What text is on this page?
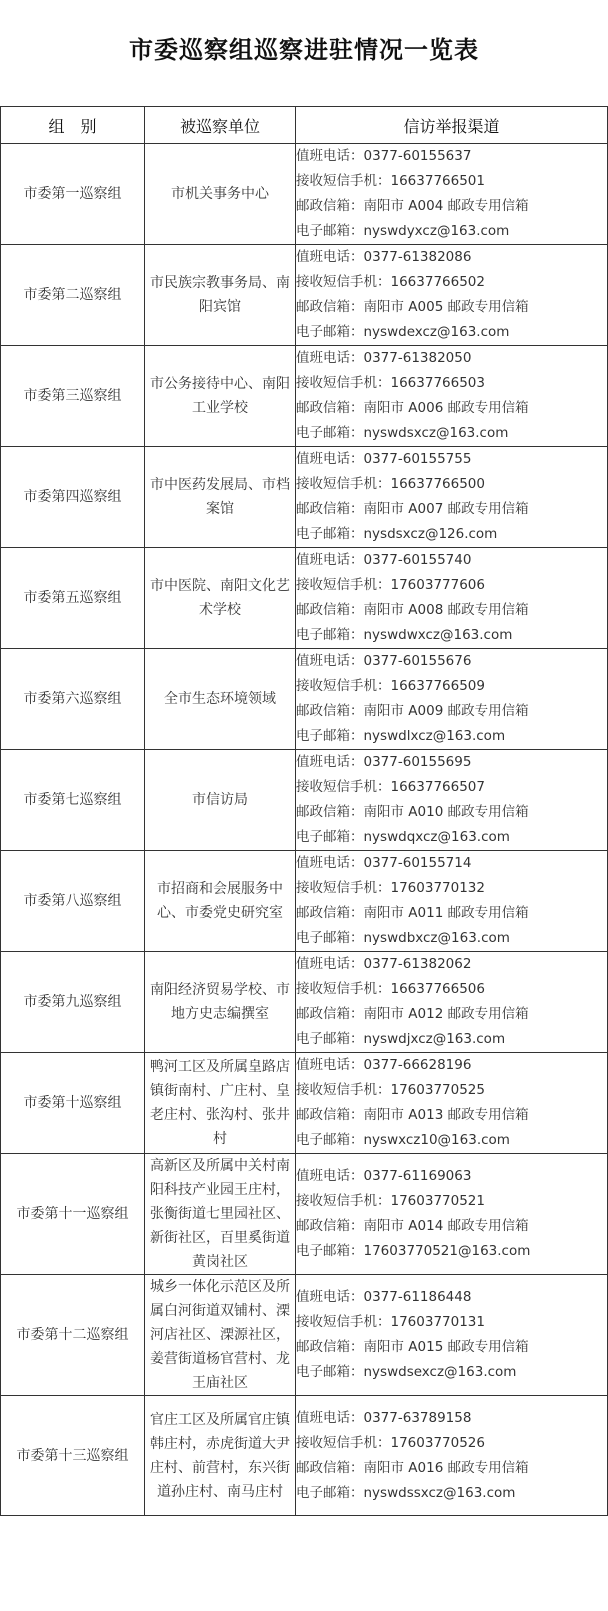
市委巡察组巡察进驻情况一览表
组　别	被巡察单位	信访举报渠道
市委第一巡察组	市机关事务中心	值班电话：0377-60155637
接收短信手机：16637766501
邮政信箱：南阳市 A004 邮政专用信箱
电子邮箱：nyswdyxcz@163.com

市委第二巡察组	市民族宗教事务局、南阳宾馆	值班电话：0377-61382086
接收短信手机：16637766502
邮政信箱：南阳市 A005 邮政专用信箱
电子邮箱：nyswdexcz@163.com

市委第三巡察组	市公务接待中心、南阳工业学校	值班电话：0377-61382050
接收短信手机：16637766503
邮政信箱：南阳市 A006 邮政专用信箱
电子邮箱：nyswdsxcz@163.com

市委第四巡察组	市中医药发展局、市档案馆	值班电话：0377-60155755
接收短信手机：16637766500
邮政信箱：南阳市 A007 邮政专用信箱
电子邮箱：nysdsxcz@126.com

市委第五巡察组	市中医院、南阳文化艺术学校	值班电话：0377-60155740
接收短信手机：17603777606
邮政信箱：南阳市 A008 邮政专用信箱
电子邮箱：nyswdwxcz@163.com

市委第六巡察组	全市生态环境领域	值班电话：0377-60155676
接收短信手机：16637766509
邮政信箱：南阳市 A009 邮政专用信箱
电子邮箱：nyswdlxcz@163.com

市委第七巡察组	市信访局	值班电话：0377-60155695
接收短信手机：16637766507
邮政信箱：南阳市 A010 邮政专用信箱
电子邮箱：nyswdqxcz@163.com

市委第八巡察组	市招商和会展服务中心、市委党史研究室	值班电话：0377-60155714
接收短信手机：17603770132
邮政信箱：南阳市 A011 邮政专用信箱
电子邮箱：nyswdbxcz@163.com

市委第九巡察组	南阳经济贸易学校、市地方史志编撰室	值班电话：0377-61382062
接收短信手机：16637766506
邮政信箱：南阳市 A012 邮政专用信箱
电子邮箱：nyswdjxcz@163.com

市委第十巡察组	鸭河工区及所属皇路店镇街南村、广庄村、皇老庄村、张沟村、张井村	值班电话：0377-66628196
接收短信手机：17603770525
邮政信箱：南阳市 A013 邮政专用信箱
电子邮箱：nyswxcz10@163.com

市委第十一巡察组	高新区及所属中关村南阳科技产业园王庄村，张衡街道七里园社区、新街社区，百里奚街道黄岗社区	值班电话：0377-61169063
接收短信手机：17603770521
邮政信箱：南阳市 A014 邮政专用信箱
电子邮箱：17603770521@163.com

市委第十二巡察组	城乡一体化示范区及所属白河街道双铺村、溧河店社区、溧源社区，姜营街道杨官营村、龙王庙社区	值班电话：0377-61186448
接收短信手机：17603770131
邮政信箱：南阳市 A015 邮政专用信箱
电子邮箱：nyswdsexcz@163.com

市委第十三巡察组	官庄工区及所属官庄镇韩庄村，赤虎街道大尹庄村、前营村，东兴街道孙庄村、南马庄村	值班电话：0377-63789158
接收短信手机：17603770526
邮政信箱：南阳市 A016 邮政专用信箱
电子邮箱：nyswdssxcz@163.com
